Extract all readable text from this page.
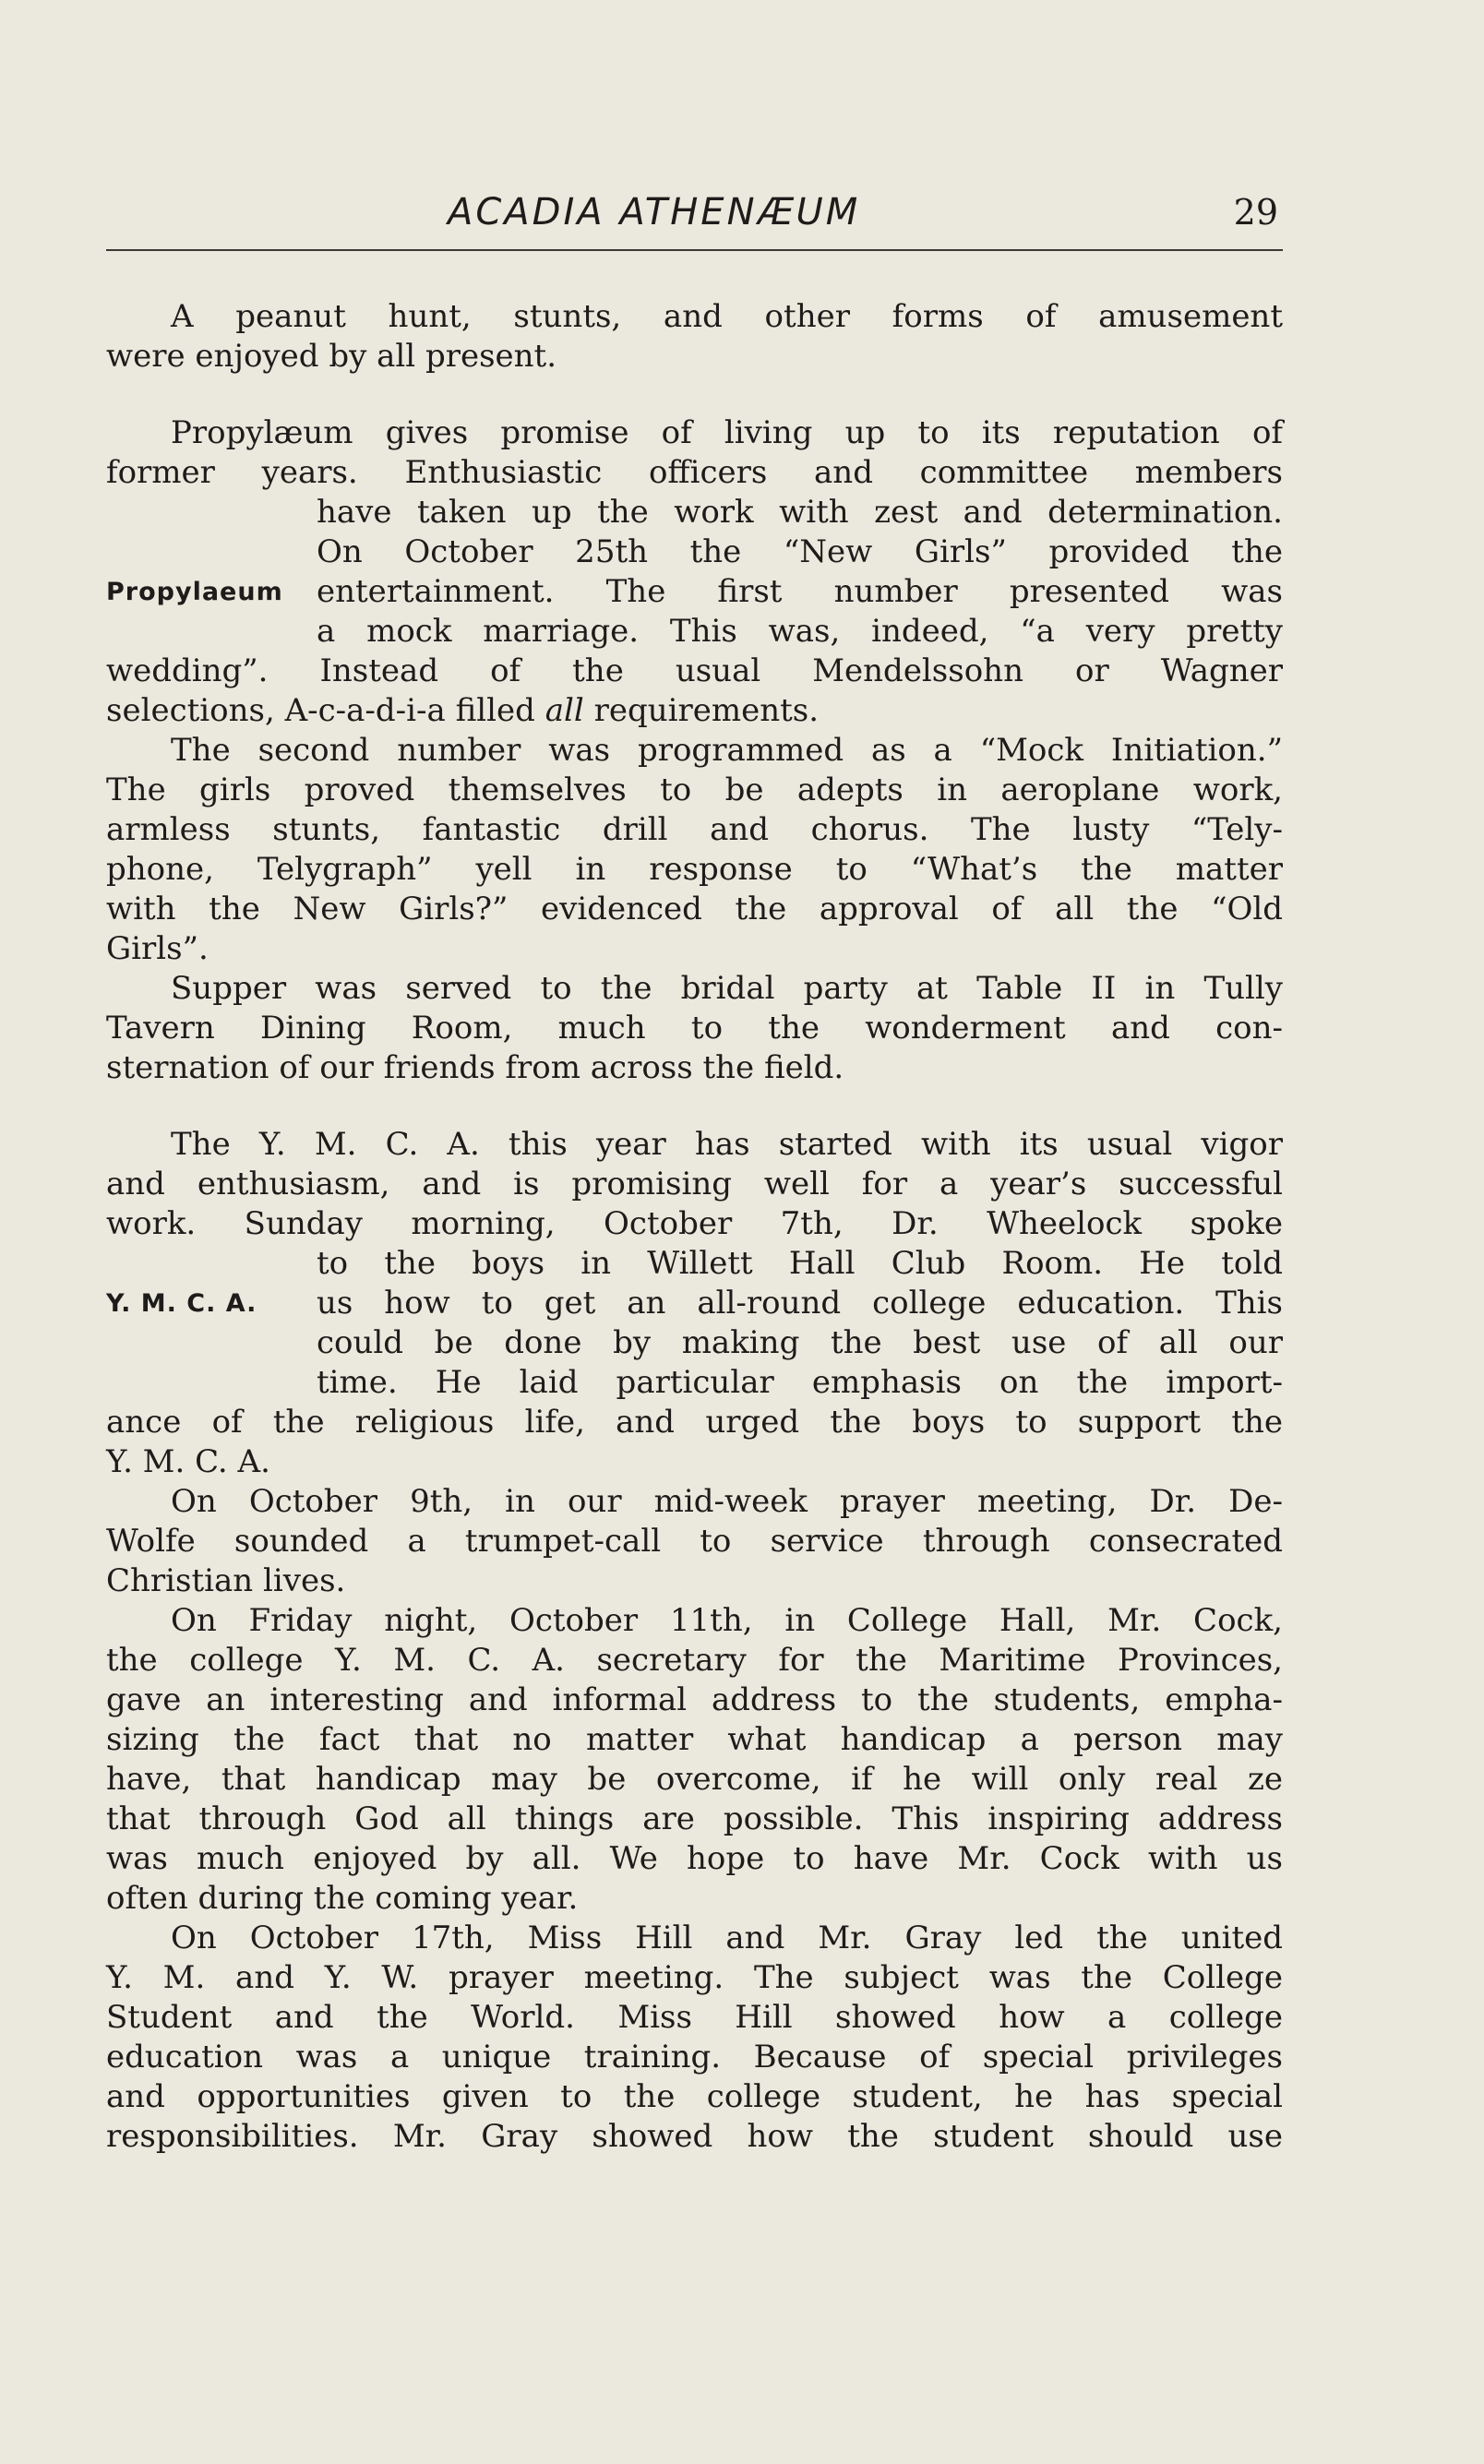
ACADIA ATHENÆUM	29
A peanut hunt, stunts, and other forms of amusement
were enjoyed by all present.
Propylaeum
Propylæum gives promise of living up to its reputation of
former years. Enthusiastic officers and committee members
have taken up the work with zest and determination.
On October 25th the “New Girls” provided the
entertainment. The first number presented was
a mock marriage. This was, indeed, “a very pretty
wedding”. Instead of the usual Mendelssohn or Wagner
selections, A-c-a-d-i-a filled all requirements.
The second number was programmed as a “Mock Initiation.”
The girls proved themselves to be adepts in aeroplane work,
armless stunts, fantastic drill and chorus. The lusty “Tely-
phone, Telygraph” yell in response to “What’s the matter
with the New Girls?” evidenced the approval of all the “Old
Girls”.
Supper was served to the bridal party at Table II in Tully
Tavern Dining Room, much to the wonderment and con-
sternation of our friends from across the field.
Y. M. C. A.
The Y. M. C. A. this year has started with its usual vigor
and enthusiasm, and is promising well for a year’s successful
work. Sunday morning, October 7th, Dr. Wheelock spoke
to the boys in Willett Hall Club Room. He told
us how to get an all-round college education. This
could be done by making the best use of all our
time. He laid particular emphasis on the import-
ance of the religious life, and urged the boys to support the
Y. M. C. A.
On October 9th, in our mid-week prayer meeting, Dr. De-
Wolfe sounded a trumpet-call to service through consecrated
Christian lives.
On Friday night, October 11th, in College Hall, Mr. Cock,
the college Y. M. C. A. secretary for the Maritime Provinces,
gave an interesting and informal address to the students, empha-
sizing the fact that no matter what handicap a person may
have, that handicap may be overcome, if he will only real ze
that through God all things are possible. This inspiring address
was much enjoyed by all. We hope to have Mr. Cock with us
often during the coming year.
On October 17th, Miss Hill and Mr. Gray led the united
Y. M. and Y. W. prayer meeting. The subject was the College
Student and the World. Miss Hill showed how a college
education was a unique training. Because of special privileges
and opportunities given to the college student, he has special
responsibilities. Mr. Gray showed how the student should use
